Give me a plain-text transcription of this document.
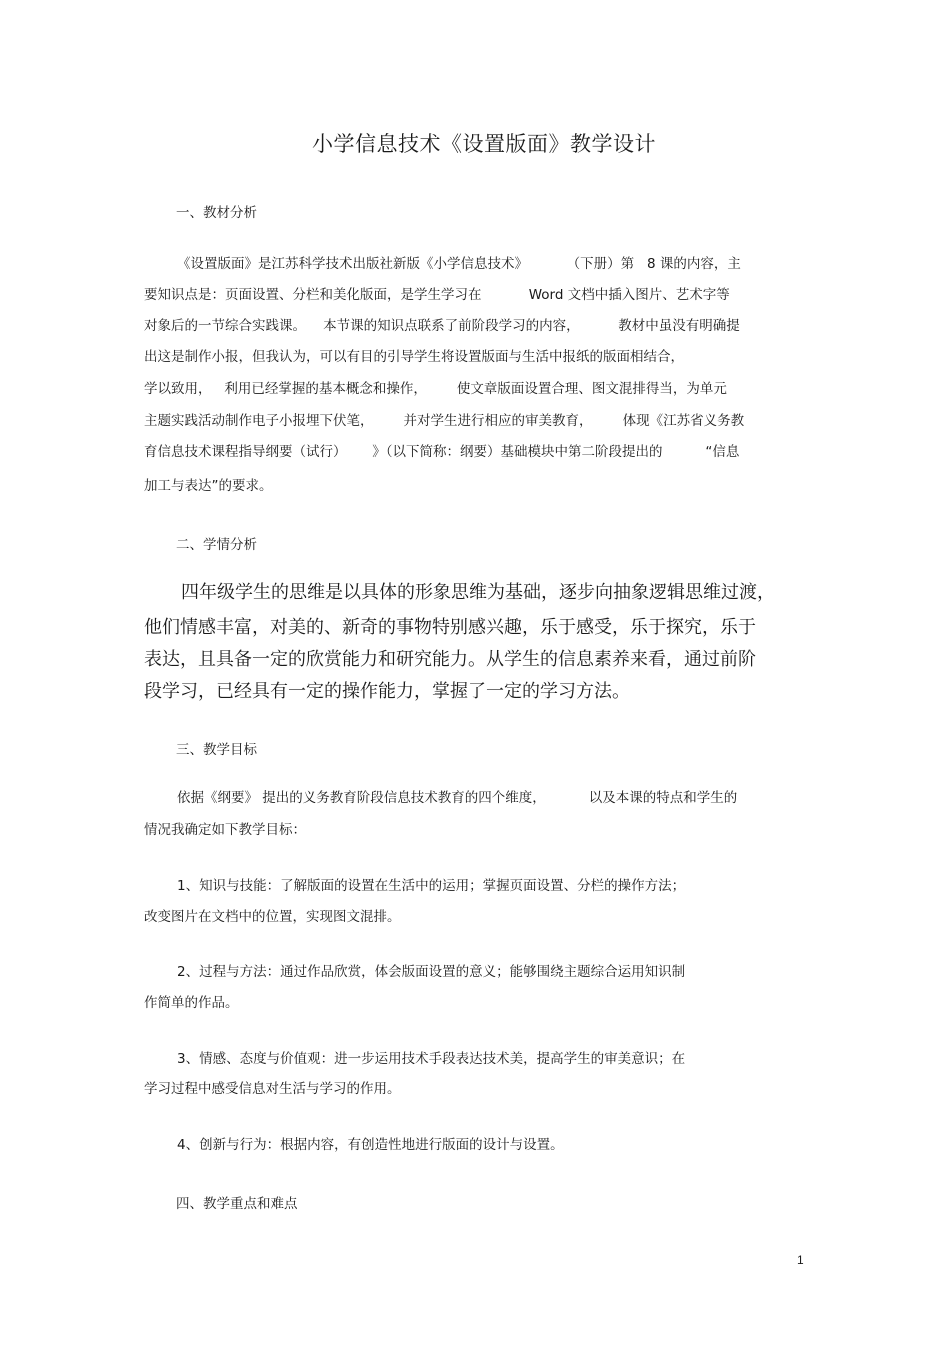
小学信息技术《设置版面》教学设计
一、教材分析
《设置版面》是江苏科学技术出版社新版《小学信息技术》         （下册）第   8 课的内容，主
要知识点是：页面设置、分栏和美化版面，是学生学习在           Word 文档中插入图片、艺术字等
对象后的一节综合实践课。    本节课的知识点联系了前阶段学习的内容，         教材中虽没有明确提
出这是制作小报，但我认为，可以有目的引导学生将设置版面与生活中报纸的版面相结合，
学以致用，   利用已经掌握的基本概念和操作，       使文章版面设置合理、图文混排得当，为单元
主题实践活动制作电子小报埋下伏笔，       并对学生进行相应的审美教育，       体现《江苏省义务教
育信息技术课程指导纲要（试行）      》（以下简称：纲要）基础模块中第二阶段提出的          “信息
加工与表达”的要求。
二、学情分析
四年级学生的思维是以具体的形象思维为基础，逐步向抽象逻辑思维过渡，
他们情感丰富，对美的、新奇的事物特别感兴趣，乐于感受，乐于探究，乐于
表达，且具备一定的欣赏能力和研究能力。从学生的信息素养来看，通过前阶
段学习，已经具有一定的操作能力，掌握了一定的学习方法。
三、教学目标
依据《纲要》 提出的义务教育阶段信息技术教育的四个维度，          以及本课的特点和学生的
情况我确定如下教学目标：
1、知识与技能：了解版面的设置在生活中的运用；掌握页面设置、分栏的操作方法；
改变图片在文档中的位置，实现图文混排。
2、过程与方法：通过作品欣赏，体会版面设置的意义；能够围绕主题综合运用知识制
作简单的作品。
3、情感、态度与价值观：进一步运用技术手段表达技术美，提高学生的审美意识；在
学习过程中感受信息对生活与学习的作用。
4、创新与行为：根据内容，有创造性地进行版面的设计与设置。
四、教学重点和难点
1
